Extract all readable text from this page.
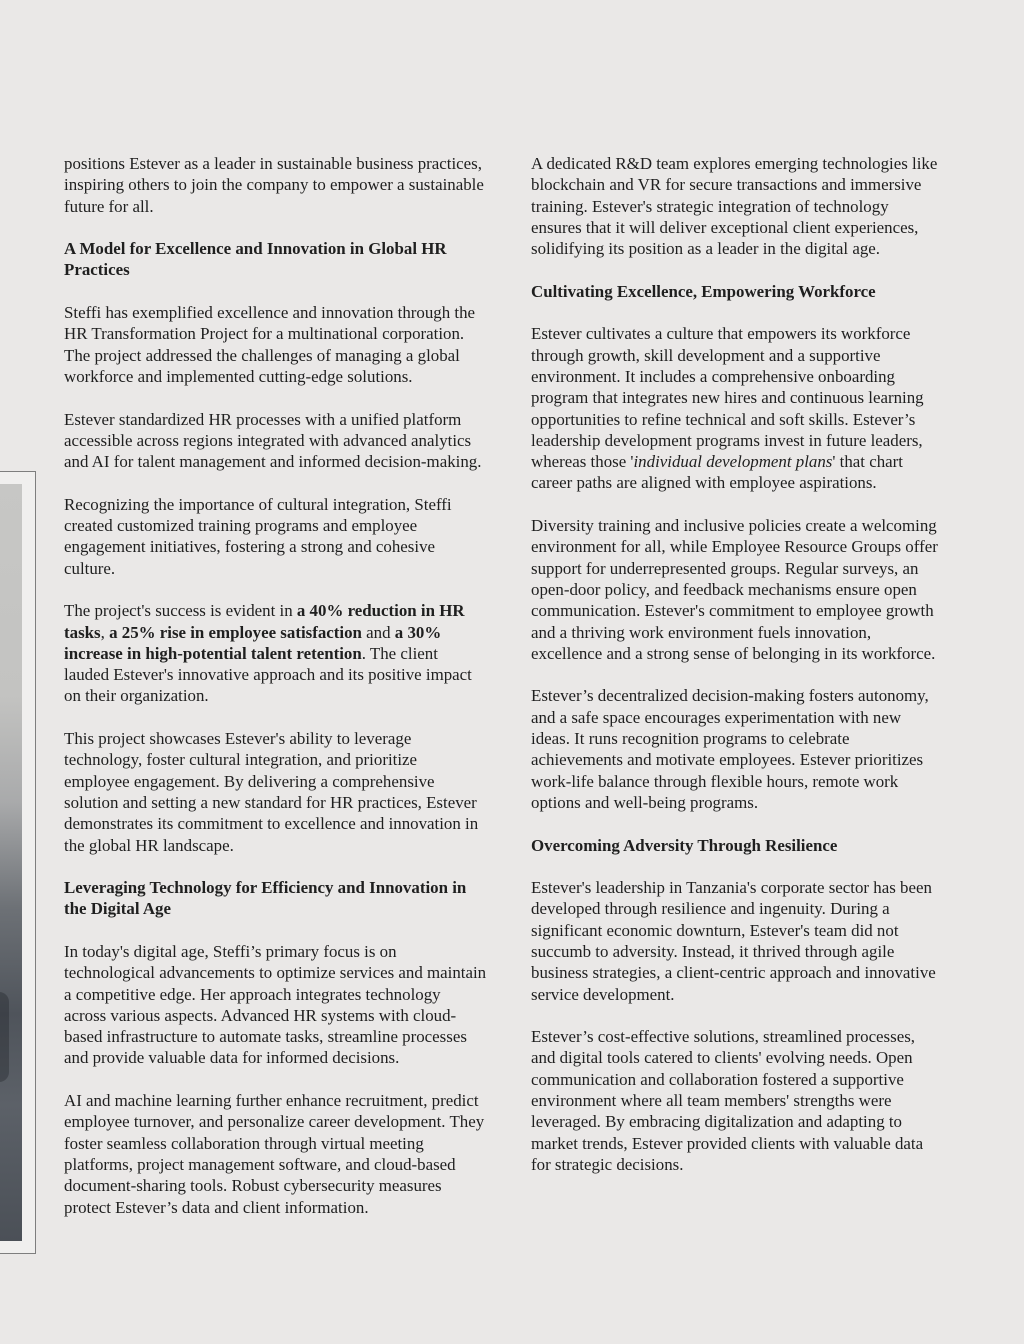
positions Estever as a leader in sustainable business practices,
inspiring others to join the company to empower a sustainable
future for all.

A Model for Excellence and Innovation in Global HR
Practices

Steffi has exemplified excellence and innovation through the
HR Transformation Project for a multinational corporation.
The project addressed the challenges of managing a global
workforce and implemented cutting-edge solutions.

Estever standardized HR processes with a unified platform
accessible across regions integrated with advanced analytics
and AI for talent management and informed decision-making.

Recognizing the importance of cultural integration, Steffi
created customized training programs and employee
engagement initiatives, fostering a strong and cohesive
culture.

The project's success is evident in a 40% reduction in HR
tasks, a 25% rise in employee satisfaction and a 30%
increase in high-potential talent retention. The client
lauded Estever's innovative approach and its positive impact
on their organization.

This project showcases Estever's ability to leverage
technology, foster cultural integration, and prioritize
employee engagement. By delivering a comprehensive
solution and setting a new standard for HR practices, Estever
demonstrates its commitment to excellence and innovation in
the global HR landscape.

Leveraging Technology for Efficiency and Innovation in
the Digital Age

In today's digital age, Steffi’s primary focus is on
technological advancements to optimize services and maintain
a competitive edge. Her approach integrates technology
across various aspects. Advanced HR systems with cloud-
based infrastructure to automate tasks, streamline processes
and provide valuable data for informed decisions.

AI and machine learning further enhance recruitment, predict
employee turnover, and personalize career development. They
foster seamless collaboration through virtual meeting
platforms, project management software, and cloud-based
document-sharing tools. Robust cybersecurity measures
protect Estever’s data and client information.

A dedicated R&D team explores emerging technologies like
blockchain and VR for secure transactions and immersive
training. Estever's strategic integration of technology
ensures that it will deliver exceptional client experiences,
solidifying its position as a leader in the digital age.

Cultivating Excellence, Empowering Workforce

Estever cultivates a culture that empowers its workforce
through growth, skill development and a supportive
environment. It includes a comprehensive onboarding
program that integrates new hires and continuous learning
opportunities to refine technical and soft skills. Estever’s
leadership development programs invest in future leaders,
whereas those 'individual development plans' that chart
career paths are aligned with employee aspirations.

Diversity training and inclusive policies create a welcoming
environment for all, while Employee Resource Groups offer
support for underrepresented groups. Regular surveys, an
open-door policy, and feedback mechanisms ensure open
communication. Estever's commitment to employee growth
and a thriving work environment fuels innovation,
excellence and a strong sense of belonging in its workforce.

Estever’s decentralized decision-making fosters autonomy,
and a safe space encourages experimentation with new
ideas. It runs recognition programs to celebrate
achievements and motivate employees. Estever prioritizes
work-life balance through flexible hours, remote work
options and well-being programs.

Overcoming Adversity Through Resilience

Estever's leadership in Tanzania's corporate sector has been
developed through resilience and ingenuity. During a
significant economic downturn, Estever's team did not
succumb to adversity. Instead, it thrived through agile
business strategies, a client-centric approach and innovative
service development.

Estever’s cost-effective solutions, streamlined processes,
and digital tools catered to clients' evolving needs. Open
communication and collaboration fostered a supportive
environment where all team members' strengths were
leveraged. By embracing digitalization and adapting to
market trends, Estever provided clients with valuable data
for strategic decisions.
